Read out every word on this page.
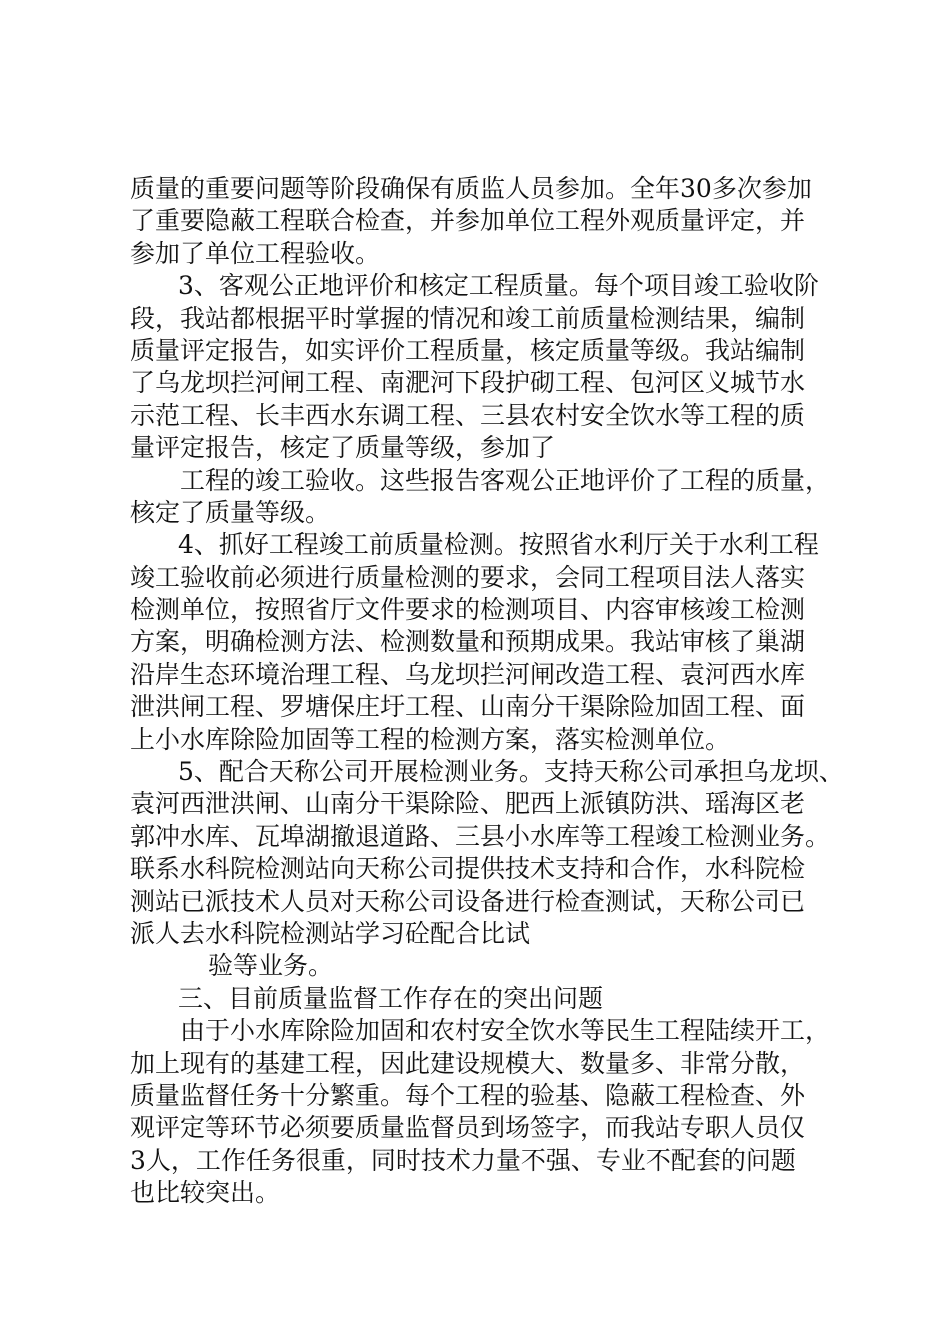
质量的重要问题等阶段确保有质监人员参加。全年30多次参加
了重要隐蔽工程联合检查，并参加单位工程外观质量评定，并
参加了单位工程验收。
3、客观公正地评价和核定工程质量。每个项目竣工验收阶
段，我站都根据平时掌握的情况和竣工前质量检测结果，编制
质量评定报告，如实评价工程质量，核定质量等级。我站编制
了乌龙坝拦河闸工程、南淝河下段护砌工程、包河区义城节水
示范工程、长丰西水东调工程、三县农村安全饮水等工程的质
量评定报告，核定了质量等级，参加了
工程的竣工验收。这些报告客观公正地评价了工程的质量，
核定了质量等级。
4、抓好工程竣工前质量检测。按照省水利厅关于水利工程
竣工验收前必须进行质量检测的要求，会同工程项目法人落实
检测单位，按照省厅文件要求的检测项目、内容审核竣工检测
方案，明确检测方法、检测数量和预期成果。我站审核了巢湖
沿岸生态环境治理工程、乌龙坝拦河闸改造工程、袁河西水库
泄洪闸工程、罗塘保庄圩工程、山南分干渠除险加固工程、面
上小水库除险加固等工程的检测方案，落实检测单位。
5、配合天称公司开展检测业务。支持天称公司承担乌龙坝、
袁河西泄洪闸、山南分干渠除险、肥西上派镇防洪、瑶海区老
郭冲水库、瓦埠湖撤退道路、三县小水库等工程竣工检测业务。
联系水科院检测站向天称公司提供技术支持和合作，水科院检
测站已派技术人员对天称公司设备进行检查测试，天称公司已
派人去水科院检测站学习砼配合比试
验等业务。
三、目前质量监督工作存在的突出问题
由于小水库除险加固和农村安全饮水等民生工程陆续开工，
加上现有的基建工程，因此建设规模大、数量多、非常分散，
质量监督任务十分繁重。每个工程的验基、隐蔽工程检查、外
观评定等环节必须要质量监督员到场签字，而我站专职人员仅
3人，工作任务很重，同时技术力量不强、专业不配套的问题
也比较突出。
